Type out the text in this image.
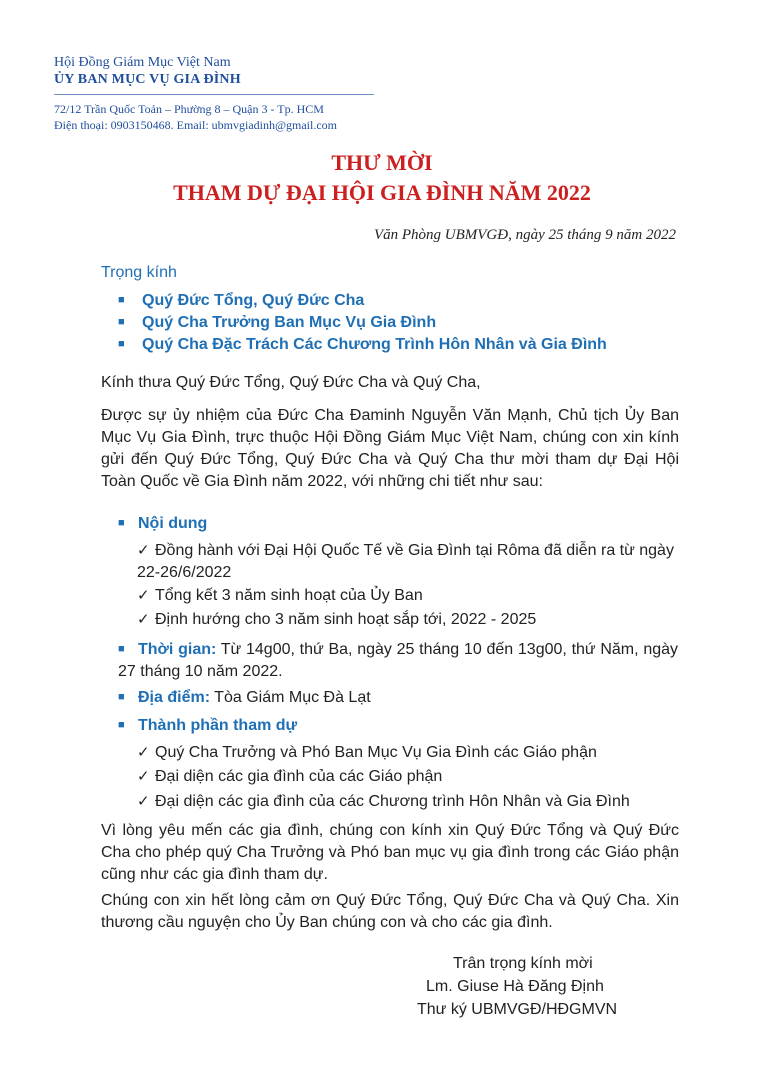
Hội Đồng Giám Mục Việt Nam
ỦY BAN MỤC VỤ GIA ĐÌNH
72/12 Trần Quốc Toản – Phường 8 – Quận 3 - Tp. HCM
Điện thoại: 0903150468. Email: ubmvgiadinh@gmail.com
THƯ MỜI
THAM DỰ ĐẠI HỘI GIA ĐÌNH NĂM 2022
Văn Phòng UBMVGĐ, ngày 25 tháng 9 năm 2022
Trọng kính
■ Quý Đức Tổng, Quý Đức Cha
■ Quý Cha Trưởng Ban Mục Vụ Gia Đình
■ Quý Cha Đặc Trách Các Chương Trình Hôn Nhân và Gia Đình
Kính thưa Quý Đức Tổng, Quý Đức Cha và Quý Cha,
Được sự ủy nhiệm của Đức Cha Đaminh Nguyễn Văn Mạnh, Chủ tịch Ủy Ban Mục Vụ Gia Đình, trực thuộc Hội Đồng Giám Mục Việt Nam, chúng con xin kính gửi đến Quý Đức Tổng, Quý Đức Cha và Quý Cha thư mời tham dự Đại Hội Toàn Quốc về Gia Đình năm 2022, với những chi tiết như sau:
■ Nội dung
✓ Đồng hành với Đại Hội Quốc Tế về Gia Đình tại Rôma đã diễn ra từ ngày 22-26/6/2022
✓ Tổng kết 3 năm sinh hoạt của Ủy Ban
✓ Định hướng cho 3 năm sinh hoạt sắp tới, 2022 - 2025
■ Thời gian: Từ 14g00, thứ Ba, ngày 25 tháng 10 đến 13g00, thứ Năm, ngày 27 tháng 10 năm 2022.
■ Địa điểm: Tòa Giám Mục Đà Lạt
■ Thành phần tham dự
✓ Quý Cha Trưởng và Phó Ban Mục Vụ Gia Đình các Giáo phận
✓ Đại diện các gia đình của các Giáo phận
✓ Đại diện các gia đình của các Chương trình Hôn Nhân và Gia Đình
Vì lòng yêu mến các gia đình, chúng con kính xin Quý Đức Tổng và Quý Đức Cha cho phép quý Cha Trưởng và Phó ban mục vụ gia đình trong các Giáo phận cũng như các gia đình tham dự.
Chúng con xin hết lòng cảm ơn Quý Đức Tổng, Quý Đức Cha và Quý Cha. Xin thương cầu nguyện cho Ủy Ban chúng con và cho các gia đình.
Trân trọng kính mời
Lm. Giuse Hà Đăng Định
Thư ký UBMVGĐ/HĐGMVN
